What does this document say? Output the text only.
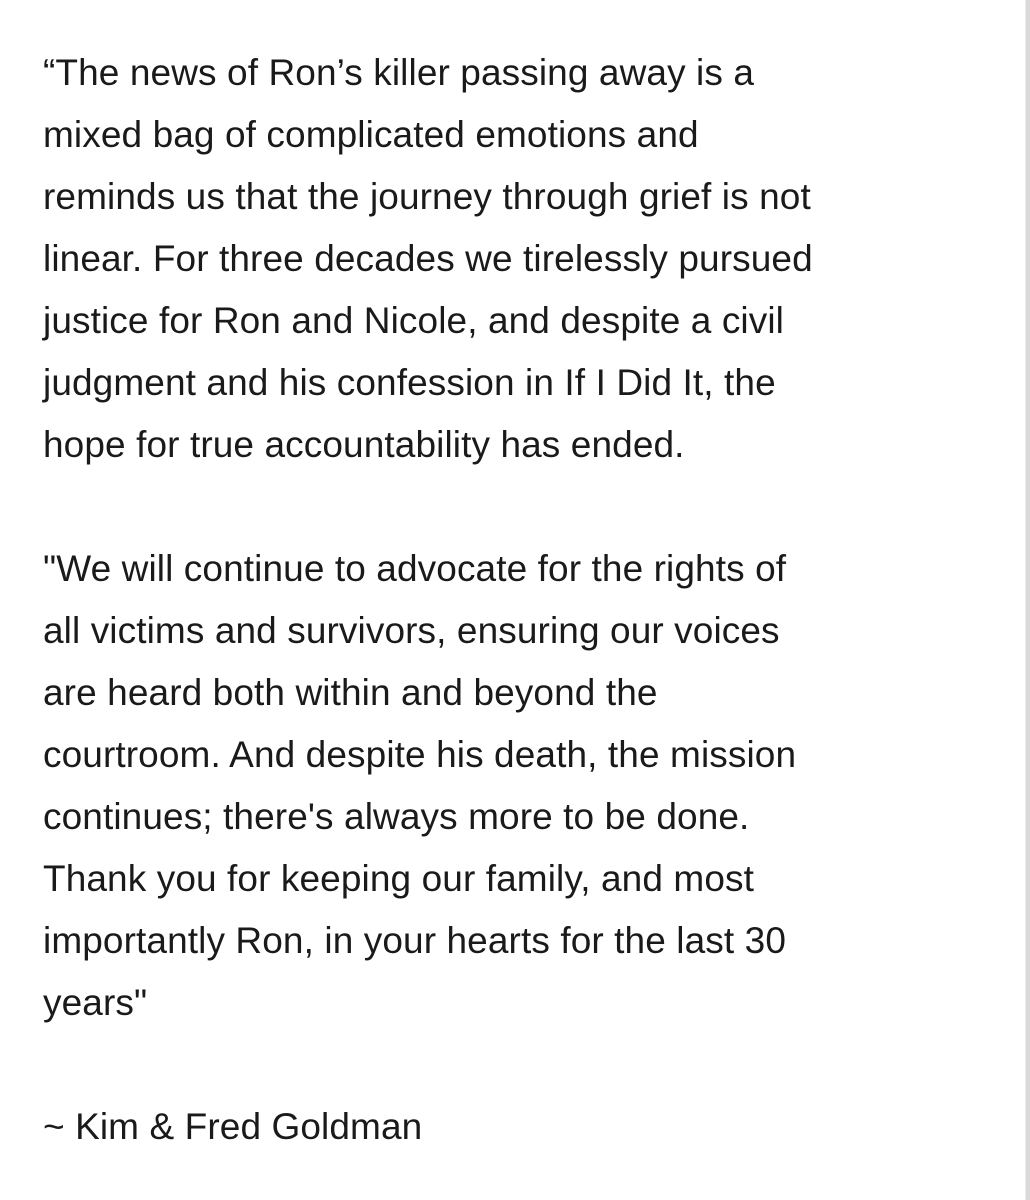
“The news of Ron’s killer passing away is a
mixed bag of complicated emotions and
reminds us that the journey through grief is not
linear. For three decades we tirelessly pursued
justice for Ron and Nicole, and despite a civil
judgment and his confession in If I Did It, the
hope for true accountability has ended.
"We will continue to advocate for the rights of
all victims and survivors, ensuring our voices
are heard both within and beyond the
courtroom. And despite his death, the mission
continues; there's always more to be done.
Thank you for keeping our family, and most
importantly Ron, in your hearts for the last 30
years"
~ Kim & Fred Goldman
